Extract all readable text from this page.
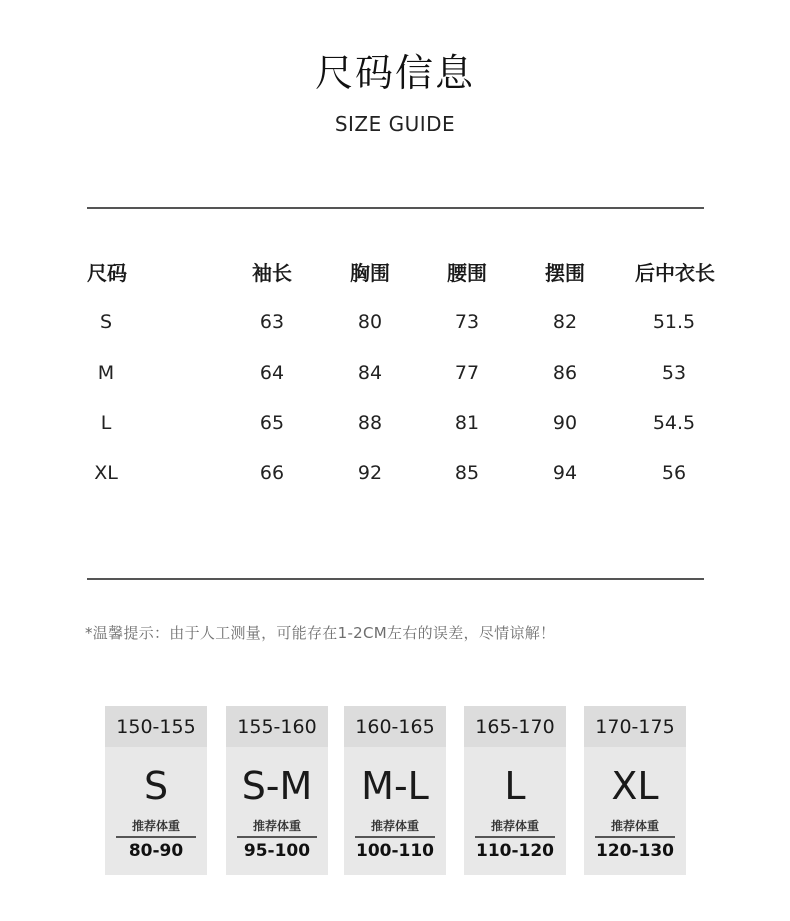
尺码信息
SIZE GUIDE
尺码	袖长	胸围	腰围	摆围	后中衣长
S	63	80	73	82	51.5
M	64	84	77	86	53
L	65	88	81	90	54.5
XL	66	92	85	94	56
*温馨提示：由于人工测量，可能存在1-2CM左右的误差，尽情谅解！
150-155
S
推荐体重
80-90
155-160
S-M
推荐体重
95-100
160-165
M-L
推荐体重
100-110
165-170
L
推荐体重
110-120
170-175
XL
推荐体重
120-130
